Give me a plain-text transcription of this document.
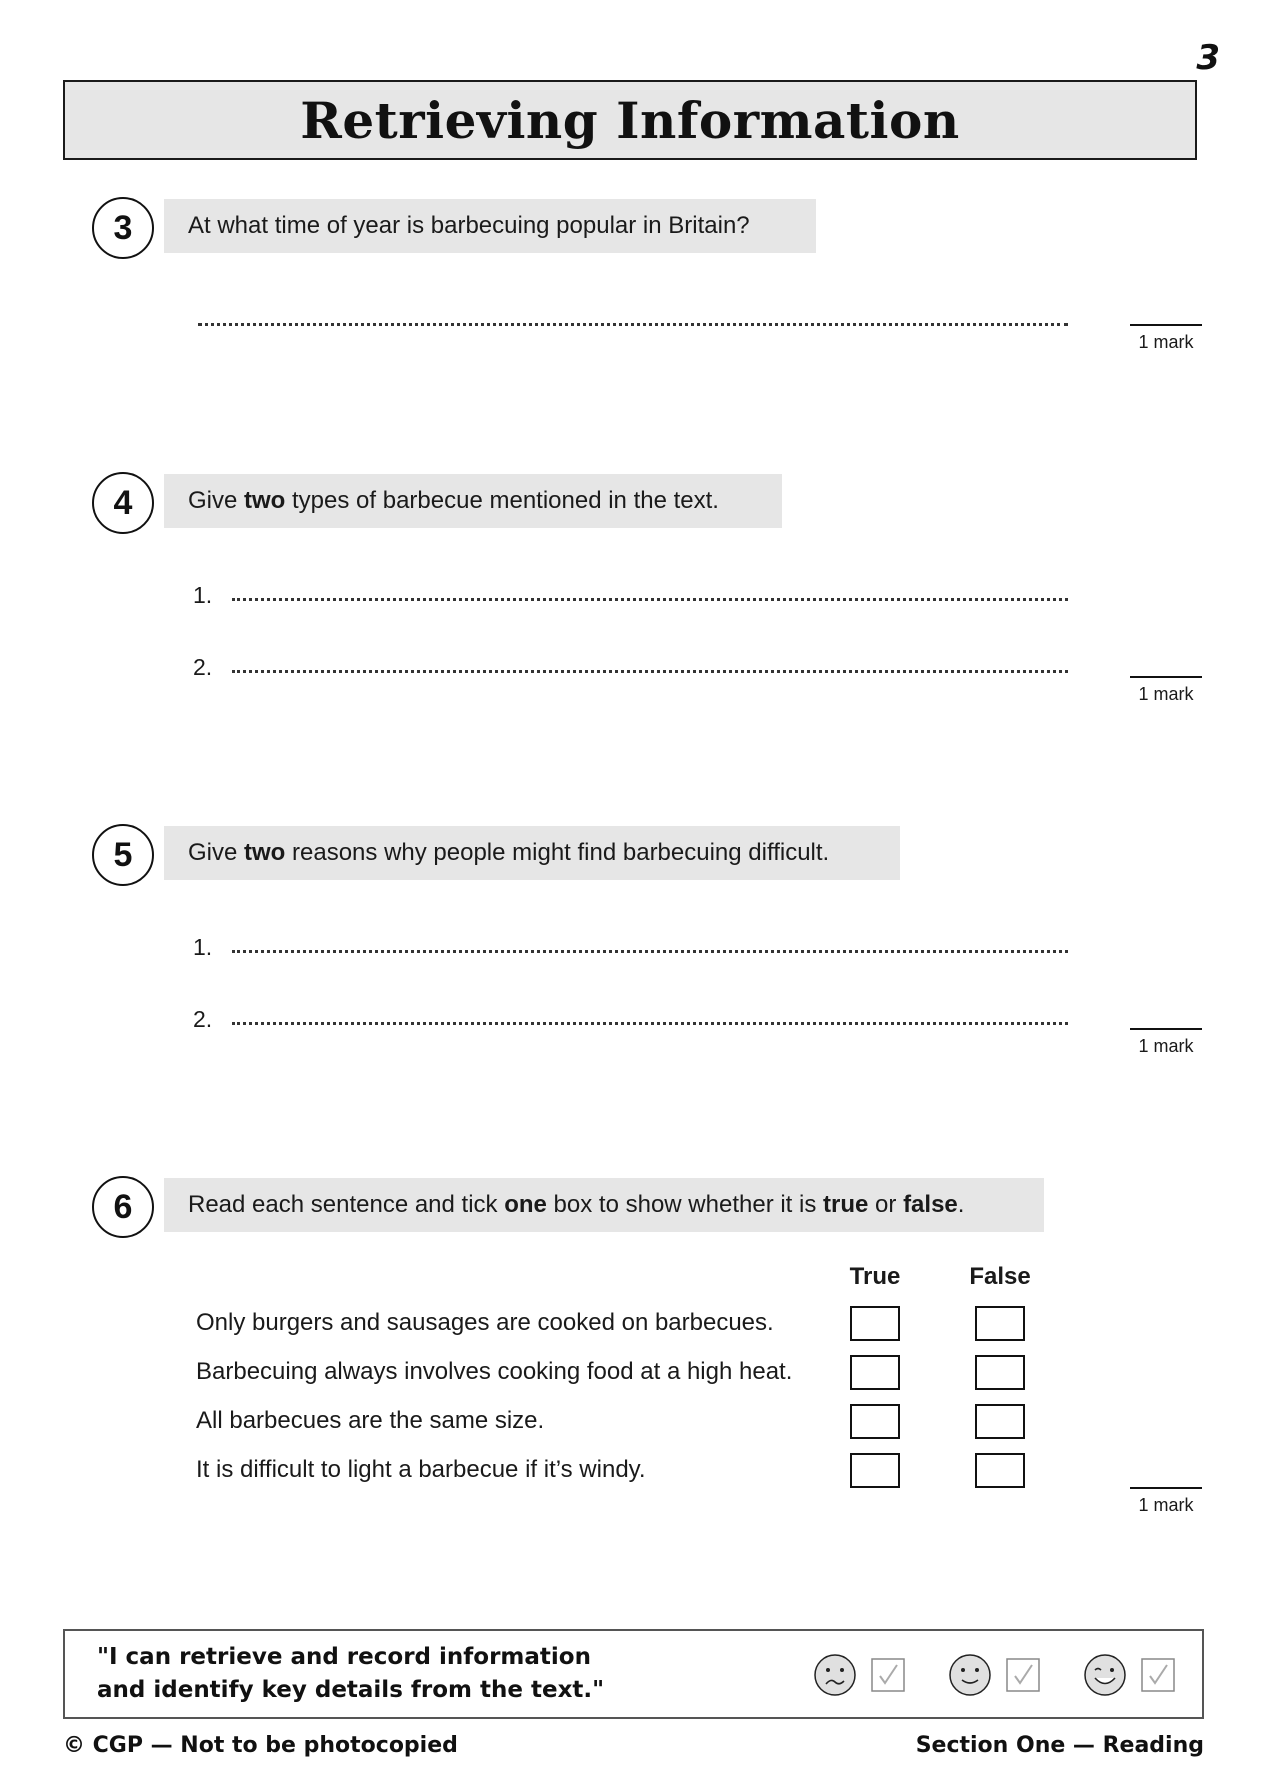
3
Retrieving Information
3	At what time of year is barbecuing popular in Britain?
1 mark
4	Give two types of barbecue mentioned in the text.
1.
2.
1 mark
5	Give two reasons why people might find barbecuing difficult.
1.
2.
1 mark
6	Read each sentence and tick one box to show whether it is true or false .
True	False
Only burgers and sausages are cooked on barbecues.
Barbecuing always involves cooking food at a high heat.
All barbecues are the same size.
It is difficult to light a barbecue if it’s windy.
1 mark
"I can retrieve and record information
and identify key details from the text."
© CGP — Not to be photocopied	Section One — Reading
